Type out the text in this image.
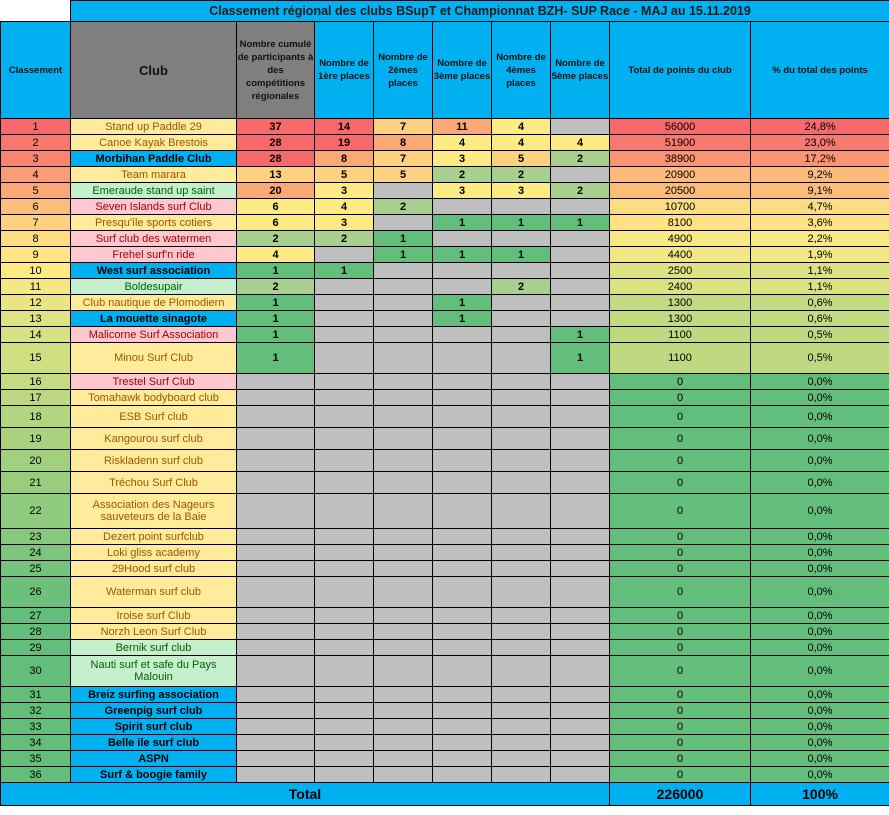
	Classement régional des clubs BSupT et Championnat BZH- SUP Race - MAJ au 15.11.2019								
Classement	Club	Nombre cumulé de participants à des compétitions régionales	Nombre de 1ère places	Nombre de 2èmes places	Nombre de 3ème places	Nombre de 4èmes places	Nombre de 5ème places	Total de points du club	% du total des points
1	Stand up Paddle 29	37	14	7	11	4		56000	24,8%
2	Canoe Kayak Brestois	28	19	8	4	4	4	51900	23,0%
3	Morbihan Paddle Club	28	8	7	3	5	2	38900	17,2%
4	Team marara	13	5	5	2	2		20900	9,2%
5	Emeraude stand up saint	20	3		3	3	2	20500	9,1%
6	Seven Islands surf Club	6	4	2				10700	4,7%
7	Presqu'île sports cotiers	6	3		1	1	1	8100	3,6%
8	Surf club des watermen	2	2	1				4900	2,2%
9	Frehel surf'n ride	4		1	1	1		4400	1,9%
10	West surf association	1	1					2500	1,1%
11	Boldesupair	2				2		2400	1,1%
12	Club nautique de Plomodiern	1			1			1300	0,6%
13	La mouette sinagote	1			1			1300	0,6%
14	Malicorne Surf Association	1					1	1100	0,5%
15	Minou Surf Club	1					1	1100	0,5%
16	Trestel Surf Club							0	0,0%
17	Tomahawk bodyboard club							0	0,0%
18	ESB Surf club							0	0,0%
19	Kangourou surf club							0	0,0%
20	Riskladenn surf club							0	0,0%
21	Tréchou Surf Club							0	0,0%
22	Association des Nageurs sauveteurs de la Baie							0	0,0%
23	Dezert point surfclub							0	0,0%
24	Loki gliss academy							0	0,0%
25	29Hood surf club							0	0,0%
26	Waterman surf club							0	0,0%
27	Iroise surf Club							0	0,0%
28	Norzh Leon Surf Club							0	0,0%
29	Bernik surf club							0	0,0%
30	Nauti surf et safe du Pays Malouin							0	0,0%
31	Breiz surfing association							0	0,0%
32	Greenpig surf club							0	0,0%
33	Spirit surf club							0	0,0%
34	Belle ile surf club							0	0,0%
35	ASPN							0	0,0%
36	Surf & boogie family							0	0,0%
Total								226000	100%
